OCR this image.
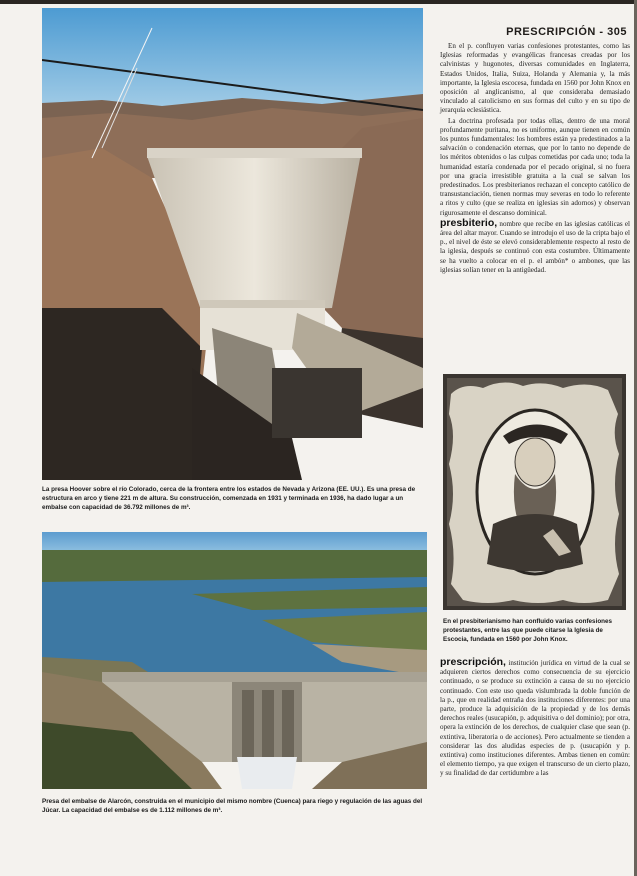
PRESCRIPCIÓN - 305
La presa Hoover sobre el río Colorado, cerca de la frontera entre los estados de Nevada y Arizona (EE. UU.). Es una presa de estructura en arco y tiene 221 m de altura. Su construcción, comenzada en 1931 y terminada en 1936, ha dado lugar a un embalse con capacidad de 36.792 millones de m³.
Presa del embalse de Alarcón, construida en el municipio del mismo nombre (Cuenca) para riego y regulación de las aguas del Júcar. La capacidad del embalse es de 1.112 millones de m³.

En el p. confluyen varias confesiones protestantes, como las Iglesias reformadas y evangélicas francesas creadas por los calvinistas y hugonotes, diversas comunidades en Inglaterra, Estados Unidos, Italia, Suiza, Holanda y Alemania y, la más importante, la Iglesia escocesa, fundada en 1560 por John Knox en oposición al anglicanismo, al que consideraba demasiado vinculado al catolicismo en sus formas del culto y en su tipo de jerarquía eclesiástica.

La doctrina profesada por todas ellas, dentro de una moral profundamente puritana, no es uniforme, aunque tienen en común los puntos fundamentales: los hombres están ya predestinados a la salvación o condenación eternas, que por lo tanto no depende de los méritos obtenidos o las culpas cometidas por cada uno; toda la humanidad estaría condenada por el pecado original, si no fuera por una gracia irresistible gratuita a la cual se salvan los predestinados. Los presbiterianos rechazan el concepto católico de transustanciación, tienen normas muy severas en todo lo referente a ritos y culto (que se realiza en iglesias sin adornos) y observan rigurosamente el descanso dominical.

presbiterio, nombre que recibe en las iglesias católicas el área del altar mayor. Cuando se introdujo el uso de la cripta bajo el p., el nivel de éste se elevó considerablemente respecto al resto de la iglesia, después se continuó con esta costumbre. Últimamente se ha vuelto a colocar en el p. el ambón* o ambones, que las iglesias solían tener en la antigüedad.

En el presbiterianismo han confluido varias confesiones protestantes, entre las que puede citarse la Iglesia de Escocia, fundada en 1560 por John Knox.

prescripción, institución jurídica en virtud de la cual se adquieren ciertos derechos como consecuencia de su ejercicio continuado, o se produce su extinción a causa de su no ejercicio continuado. Con este uso queda vislumbrada la doble función de la p., que en realidad entraña dos instituciones diferentes: por una parte, produce la adquisición de la propiedad y de los demás derechos reales (usucapión, p. adquisitiva o del dominio); por otra, opera la extinción de los derechos, de cualquier clase que sean (p. extintiva, liberatoria o de acciones). Pero actualmente se tienden a considerar las dos aludidas especies de p. (usucapión y p. extintiva) como instituciones diferentes. Ambas tienen en común: el elemento tiempo, ya que exigen el transcurso de un cierto plazo, y su finalidad de dar certidumbre a las
